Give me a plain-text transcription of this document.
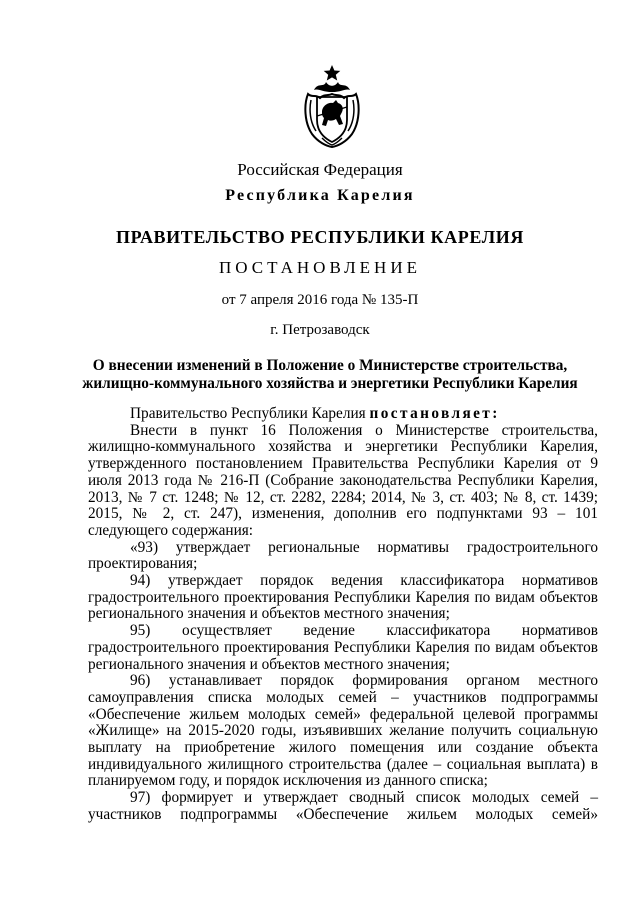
Российская Федерация
Республика Карелия
ПРАВИТЕЛЬСТВО РЕСПУБЛИКИ КАРЕЛИЯ
ПОСТАНОВЛЕНИЕ
от 7 апреля 2016 года № 135-П
г. Петрозаводск
О внесении изменений в Положение о Министерстве строительства,
жилищно-коммунального хозяйства и энергетики Республики Карелия

Правительство Республики Карелия постановляет:

Внести в пункт 16 Положения о Министерстве строительства, жилищно-коммунального хозяйства и энергетики Республики Карелия, утвержденного постановлением Правительства Республики Карелия от 9 июля 2013 года № 216-П (Собрание законодательства Республики Карелия, 2013, № 7 ст. 1248; № 12, ст. 2282, 2284; 2014, № 3, ст. 403; № 8, ст. 1439; 2015, № 2, ст. 247), изменения, дополнив его подпунктами 93 – 101 следующего содержания:

«93) утверждает региональные нормативы градостроительного проектирования;

94) утверждает порядок ведения классификатора нормативов градостроительного проектирования Республики Карелия по видам объектов регионального значения и объектов местного значения;

95) осуществляет ведение классификатора нормативов градостроительного проектирования Республики Карелия по видам объектов регионального значения и объектов местного значения;

96) устанавливает порядок формирования органом местного самоуправления списка молодых семей – участников подпрограммы «Обеспечение жильем молодых семей» федеральной целевой программы «Жилище» на 2015-2020 годы, изъявивших желание получить социальную выплату на приобретение жилого помещения или создание объекта индивидуального жилищного строительства (далее – социальная выплата) в планируемом году, и порядок исключения из данного списка;

97) формирует и утверждает сводный список молодых семей – участников подпрограммы «Обеспечение жильем молодых семей»
